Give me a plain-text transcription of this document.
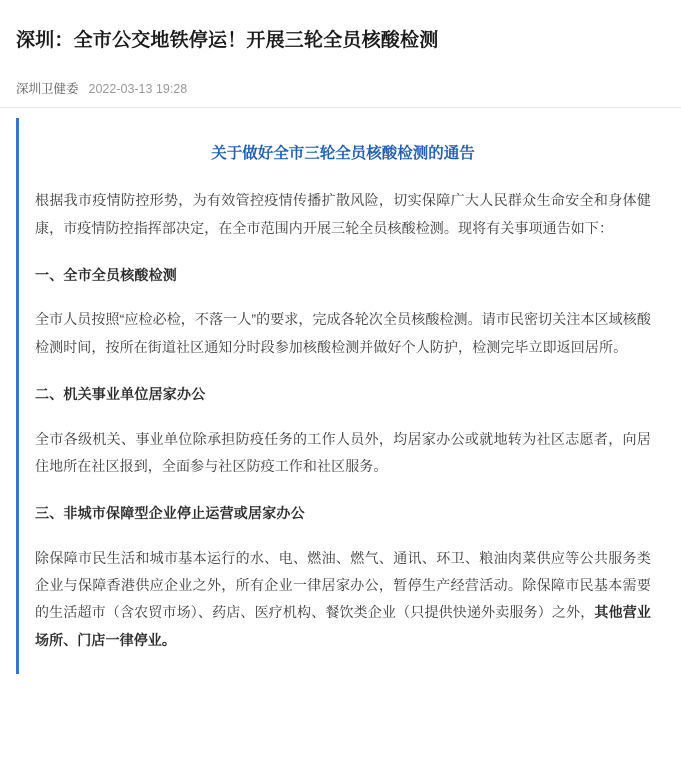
深圳：全市公交地铁停运！开展三轮全员核酸检测
深圳卫健委 2022-03-13 19:28
关于做好全市三轮全员核酸检测的通告

根据我市疫情防控形势，为有效管控疫情传播扩散风险，切实保障广大人民群众生命安全和身体健康，市疫情防控指挥部决定，在全市范围内开展三轮全员核酸检测。现将有关事项通告如下：

一、全市全员核酸检测

全市人员按照“应检必检，不落一人”的要求，完成各轮次全员核酸检测。请市民密切关注本区域核酸检测时间，按所在街道社区通知分时段参加核酸检测并做好个人防护，检测完毕立即返回居所。

二、机关事业单位居家办公

全市各级机关、事业单位除承担防疫任务的工作人员外，均居家办公或就地转为社区志愿者，向居住地所在社区报到，全面参与社区防疫工作和社区服务。

三、非城市保障型企业停止运营或居家办公

除保障市民生活和城市基本运行的水、电、燃油、燃气、通讯、环卫、粮油肉菜供应等公共服务类企业与保障香港供应企业之外，所有企业一律居家办公，暂停生产经营活动。除保障市民基本需要的生活超市（含农贸市场）、药店、医疗机构、餐饮类企业（只提供快递外卖服务）之外，其他营业场所、门店一律停业。
